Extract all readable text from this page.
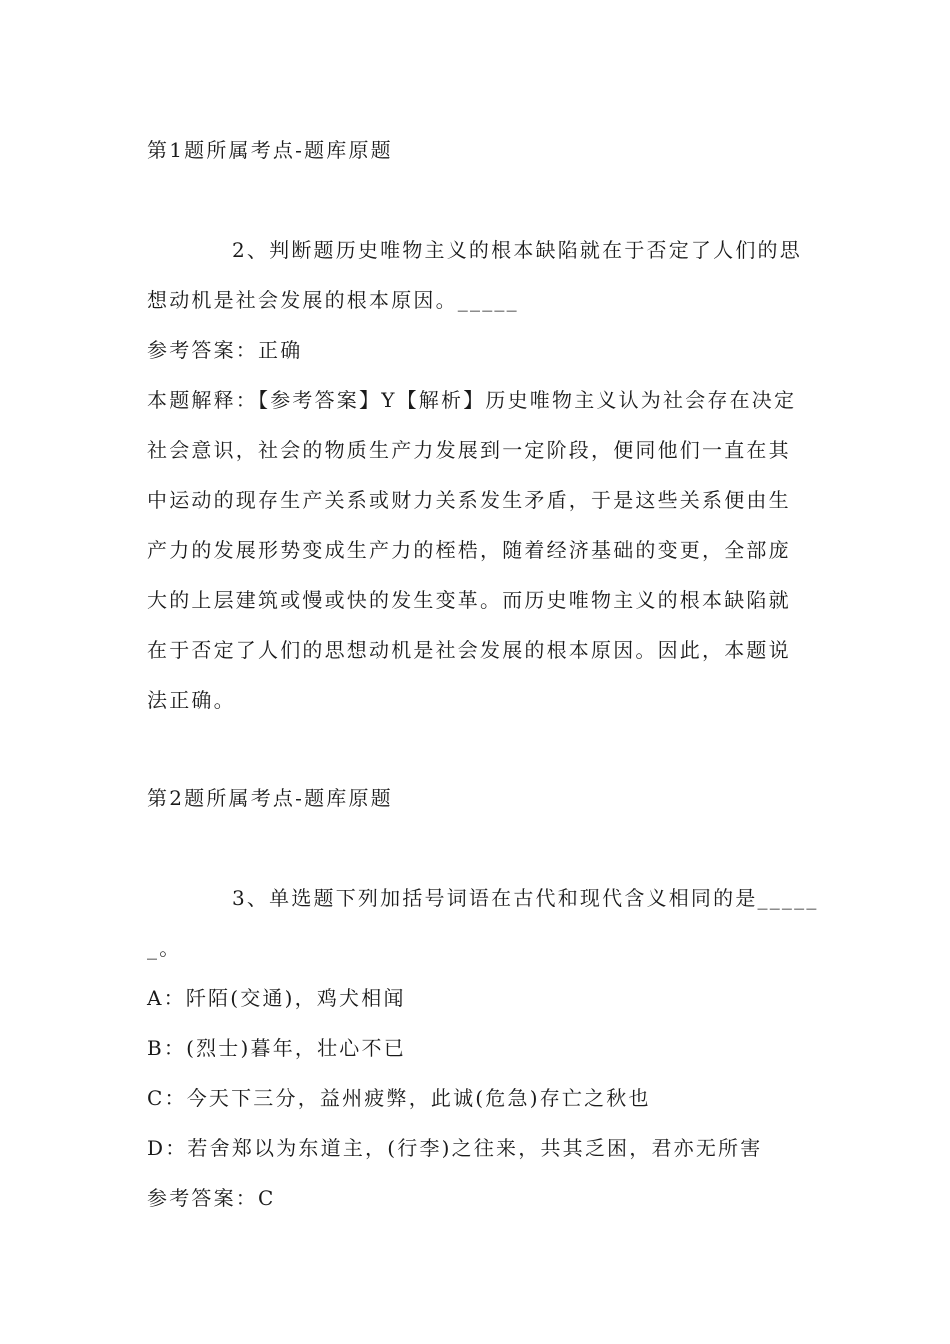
第1题所属考点-题库原题
2、判断题历史唯物主义的根本缺陷就在于否定了人们的思
想动机是社会发展的根本原因。_____
参考答案：正确
本题解释：【参考答案】Y【解析】历史唯物主义认为社会存在决定
社会意识，社会的物质生产力发展到一定阶段，便同他们一直在其
中运动的现存生产关系或财力关系发生矛盾，于是这些关系便由生
产力的发展形势变成生产力的桎梏，随着经济基础的变更，全部庞
大的上层建筑或慢或快的发生变革。而历史唯物主义的根本缺陷就
在于否定了人们的思想动机是社会发展的根本原因。因此，本题说
法正确。
第2题所属考点-题库原题
3、单选题下列加括号词语在古代和现代含义相同的是_____
_。
A：阡陌(交通)，鸡犬相闻
B：(烈士)暮年，壮心不已
C：今天下三分，益州疲弊，此诚(危急)存亡之秋也
D：若舍郑以为东道主，(行李)之往来，共其乏困，君亦无所害
参考答案：C
